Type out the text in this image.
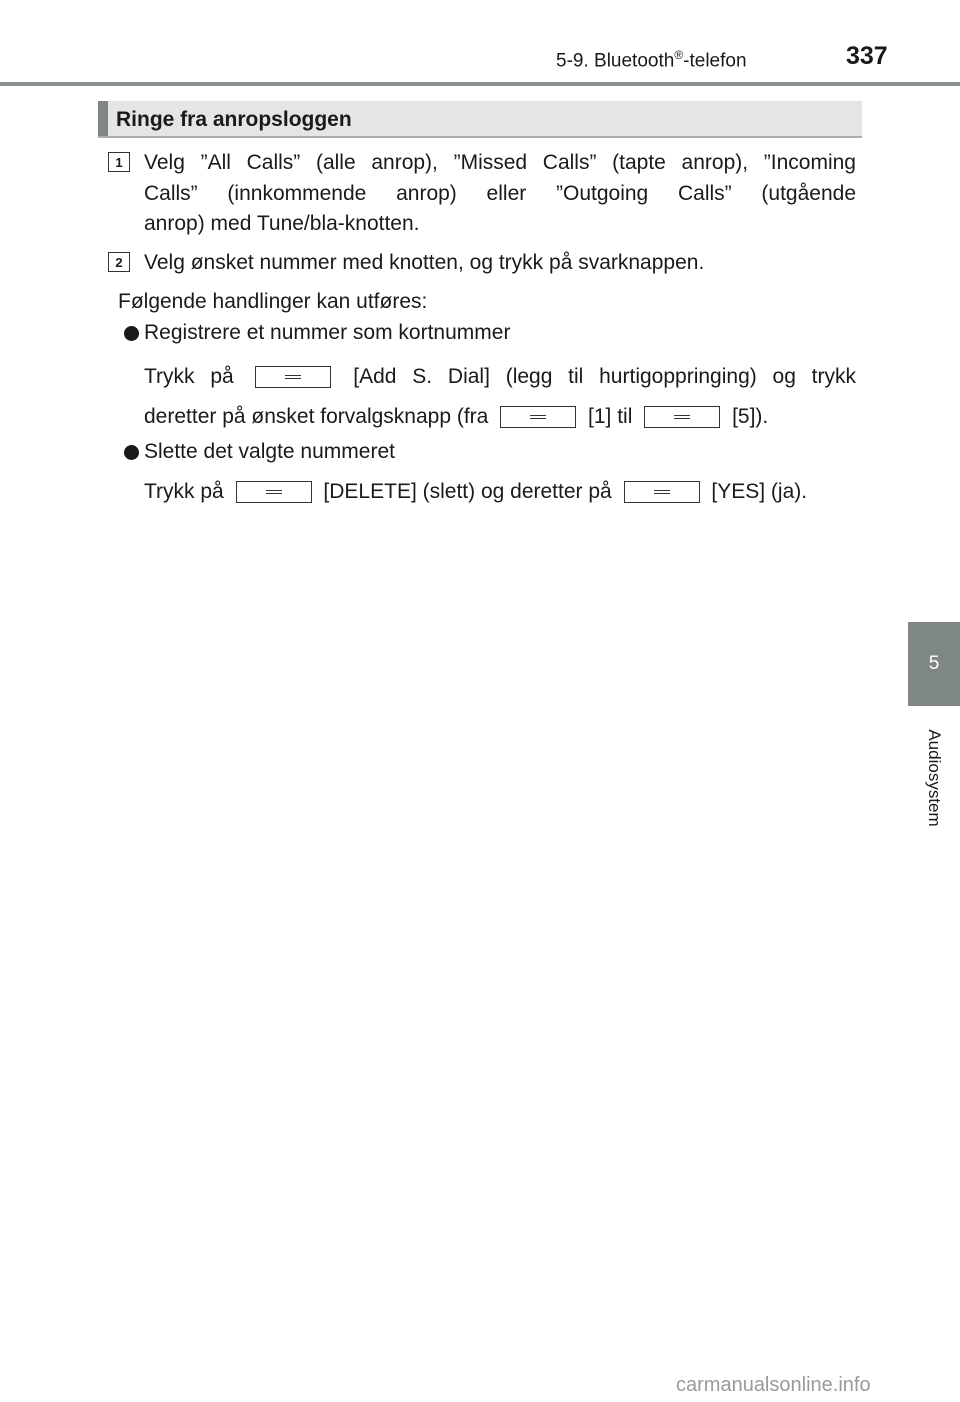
5-9. Bluetooth®-telefon	337
5
Audiosystem
Ringe fra anropsloggen
1	Velg ”All Calls” (alle anrop), ”Missed Calls” (tapte anrop), ”Incoming
Calls” (innkommende anrop) eller ”Outgoing Calls” (utgående
anrop) med Tune/bla-knotten.
2	Velg ønsket nummer med knotten, og trykk på svarknappen.
Følgende handlinger kan utføres:
Registrere et nummer som kortnummer
Trykk på	[Add S. Dial] (legg til hurtigoppringing) og trykk
deretter på ønsket forvalgsknapp (fra	[1] til	[5]).
Slette det valgte nummeret
Trykk på	[DELETE] (slett) og deretter på	[YES] (ja).
carmanualsonline.info
